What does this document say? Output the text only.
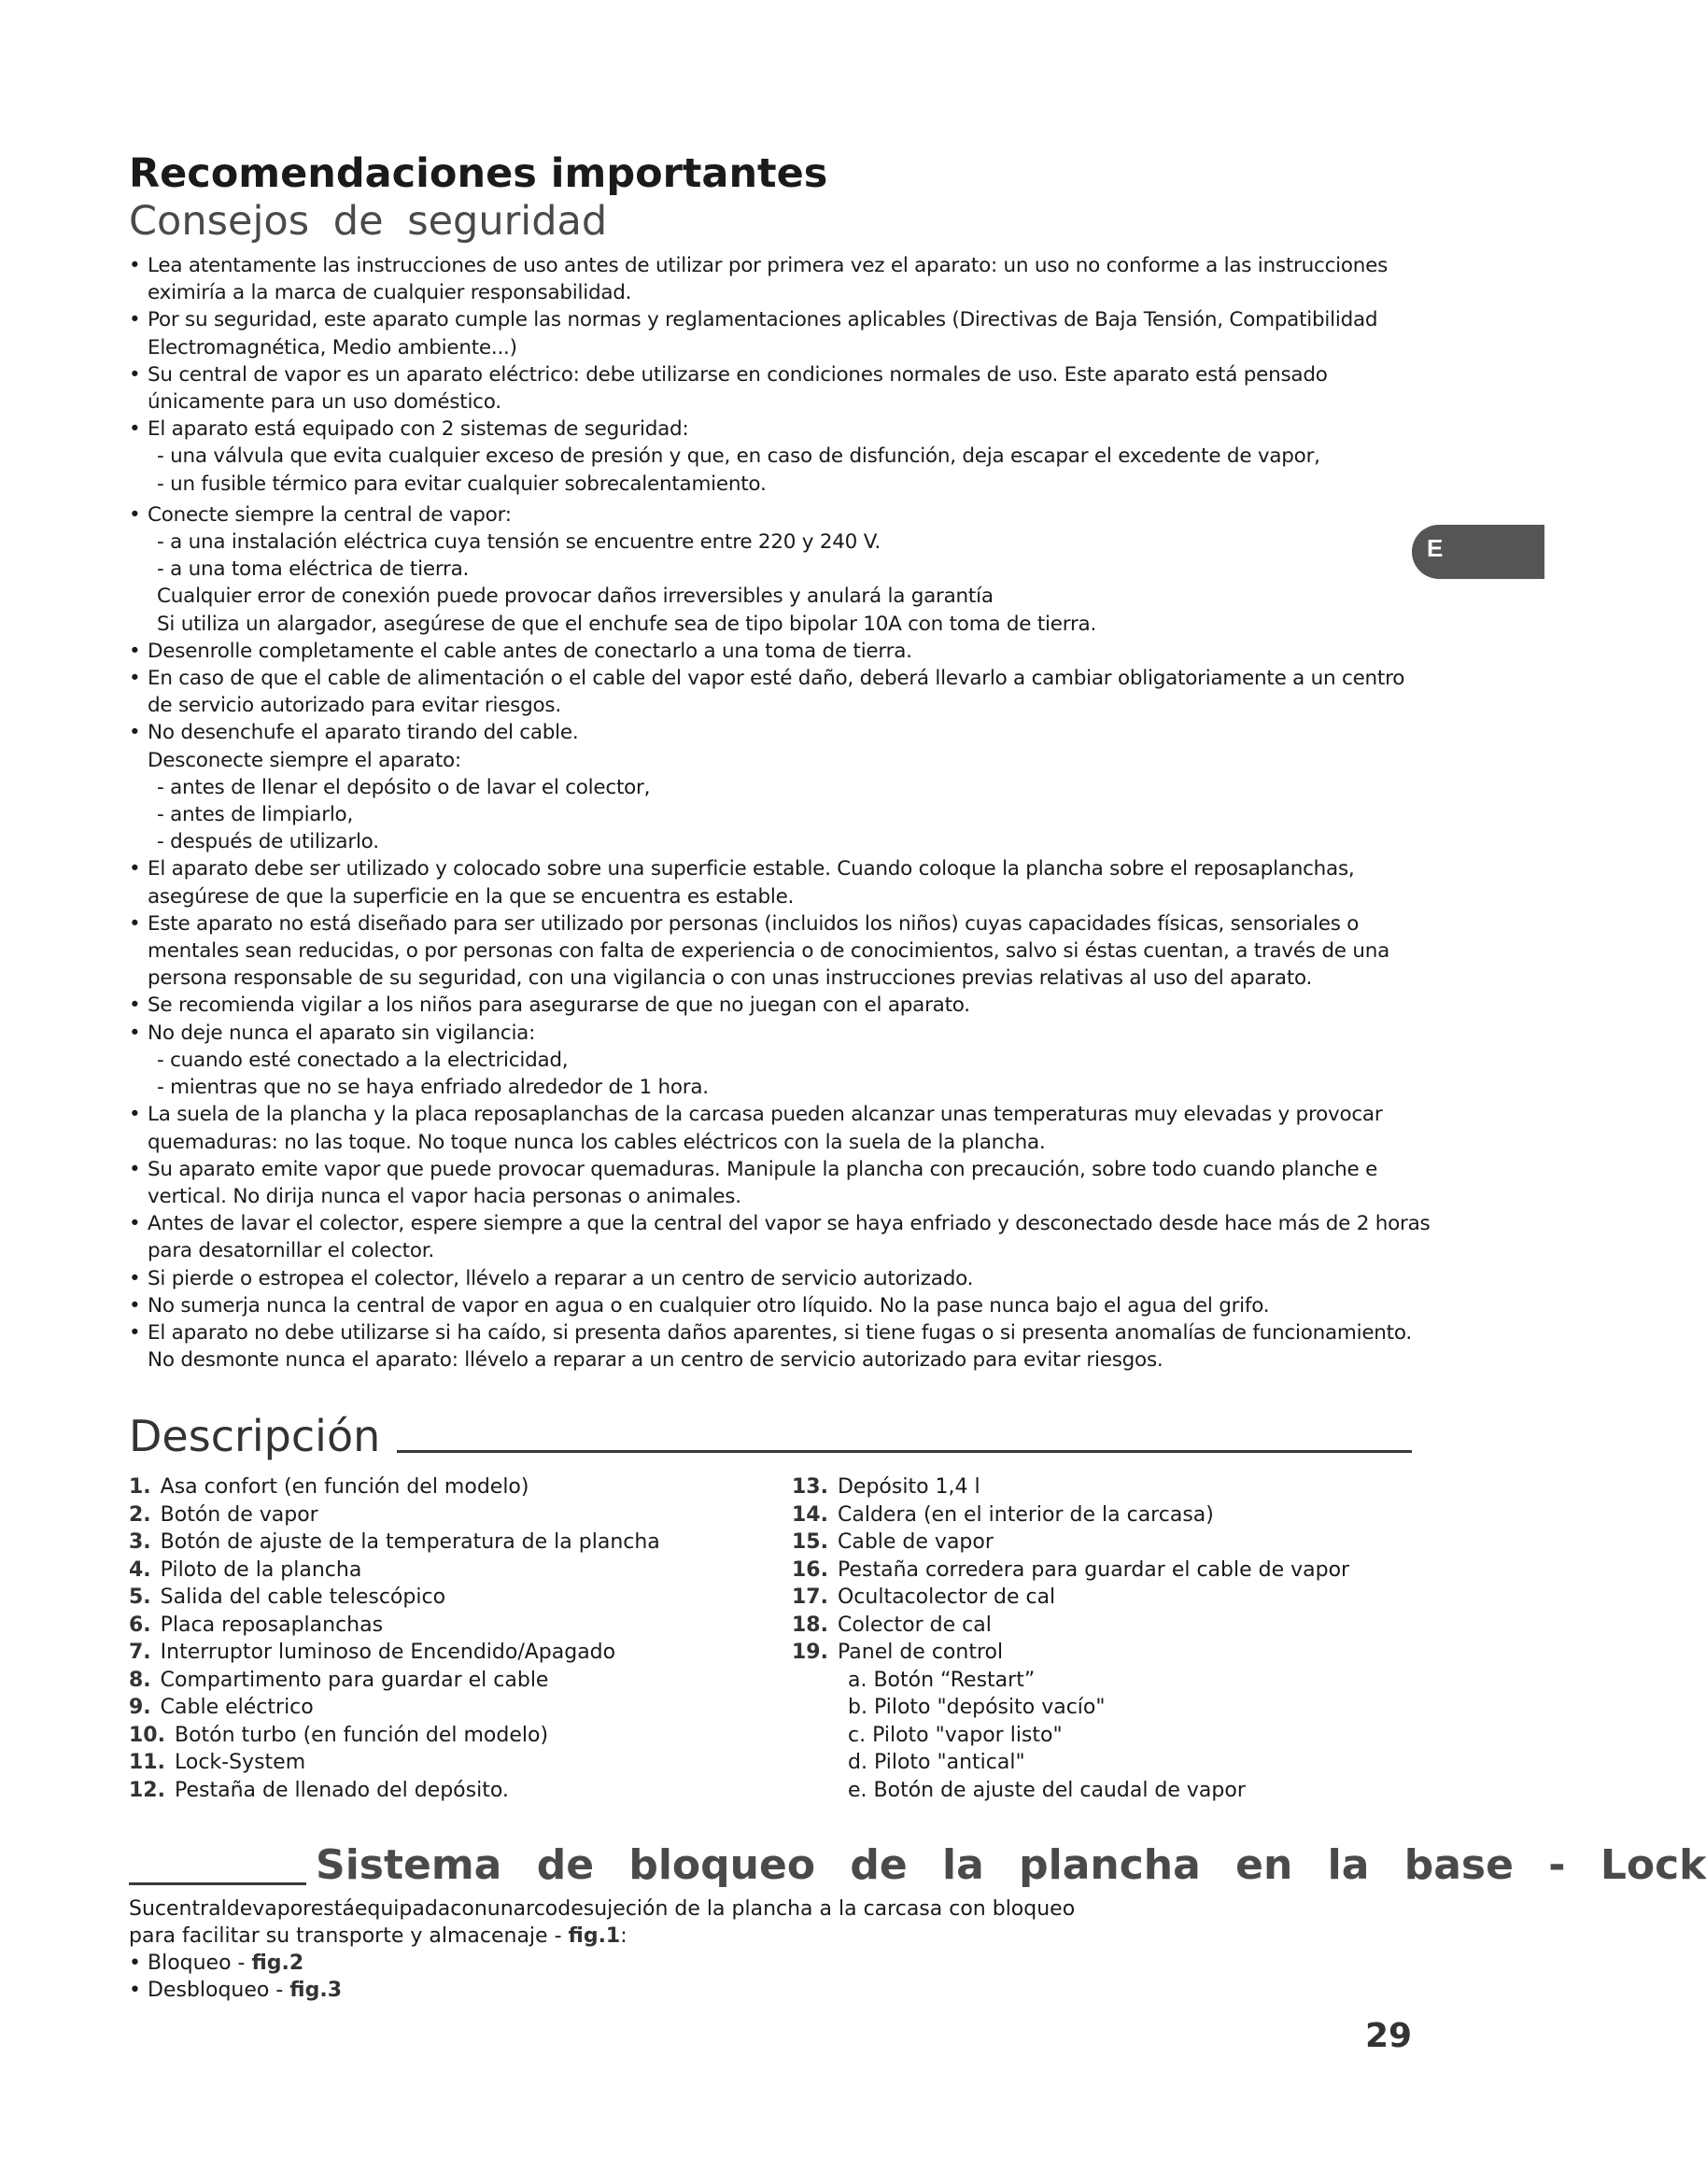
Recomendaciones importantes
Consejos de seguridad
• Lea atentamente las instrucciones de uso antes de utilizar por primera vez el aparato: un uso no conforme a las instrucciones
eximiría a la marca de cualquier responsabilidad.
• Por su seguridad, este aparato cumple las normas y reglamentaciones aplicables (Directivas de Baja Tensión, Compatibilidad
Electromagnética, Medio ambiente...)
• Su central de vapor es un aparato eléctrico: debe utilizarse en condiciones normales de uso. Este aparato está pensado
únicamente para un uso doméstico.
• El aparato está equipado con 2 sistemas de seguridad:
- una válvula que evita cualquier exceso de presión y que, en caso de disfunción, deja escapar el excedente de vapor,
- un fusible térmico para evitar cualquier sobrecalentamiento.
• Conecte siempre la central de vapor:
- a una instalación eléctrica cuya tensión se encuentre entre 220 y 240 V.
- a una toma eléctrica de tierra.
Cualquier error de conexión puede provocar daños irreversibles y anulará la garantía
Si utiliza un alargador, asegúrese de que el enchufe sea de tipo bipolar 10A con toma de tierra.
• Desenrolle completamente el cable antes de conectarlo a una toma de tierra.
• En caso de que el cable de alimentación o el cable del vapor esté daño, deberá llevarlo a cambiar obligatoriamente a un centro
de servicio autorizado para evitar riesgos.
• No desenchufe el aparato tirando del cable.
Desconecte siempre el aparato:
- antes de llenar el depósito o de lavar el colector,
- antes de limpiarlo,
- después de utilizarlo.
• El aparato debe ser utilizado y colocado sobre una superficie estable. Cuando coloque la plancha sobre el reposaplanchas,
asegúrese de que la superficie en la que se encuentra es estable.
• Este aparato no está diseñado para ser utilizado por personas (incluidos los niños) cuyas capacidades físicas, sensoriales o
mentales sean reducidas, o por personas con falta de experiencia o de conocimientos, salvo si éstas cuentan, a través de una
persona responsable de su seguridad, con una vigilancia o con unas instrucciones previas relativas al uso del aparato.
• Se recomienda vigilar a los niños para asegurarse de que no juegan con el aparato.
• No deje nunca el aparato sin vigilancia:
- cuando esté conectado a la electricidad,
- mientras que no se haya enfriado alrededor de 1 hora.
• La suela de la plancha y la placa reposaplanchas de la carcasa pueden alcanzar unas temperaturas muy elevadas y provocar
quemaduras: no las toque. No toque nunca los cables eléctricos con la suela de la plancha.
• Su aparato emite vapor que puede provocar quemaduras. Manipule la plancha con precaución, sobre todo cuando planche e
vertical. No dirija nunca el vapor hacia personas o animales.
• Antes de lavar el colector, espere siempre a que la central del vapor se haya enfriado y desconectado desde hace más de 2 horas
para desatornillar el colector.
• Si pierde o estropea el colector, llévelo a reparar a un centro de servicio autorizado.
• No sumerja nunca la central de vapor en agua o en cualquier otro líquido. No la pase nunca bajo el agua del grifo.
• El aparato no debe utilizarse si ha caído, si presenta daños aparentes, si tiene fugas o si presenta anomalías de funcionamiento.
No desmonte nunca el aparato: llévelo a reparar a un centro de servicio autorizado para evitar riesgos.
E
Descripción
1. Asa confort (en función del modelo)
2. Botón de vapor
3. Botón de ajuste de la temperatura de la plancha
4. Piloto de la plancha
5. Salida del cable telescópico
6. Placa reposaplanchas
7. Interruptor luminoso de Encendido/Apagado
8. Compartimento para guardar el cable
9. Cable eléctrico
10. Botón turbo (en función del modelo)
11. Lock-System
12. Pestaña de llenado del depósito.
13. Depósito 1,4 l
14. Caldera (en el interior de la carcasa)
15. Cable de vapor
16. Pestaña corredera para guardar el cable de vapor
17. Ocultacolector de cal
18. Colector de cal
19. Panel de control
a. Botón “Restart”
b. Piloto "depósito vacío"
c. Piloto "vapor listo"
d. Piloto "antical"
e. Botón de ajuste del caudal de vapor
Sistema de bloqueo de la plancha en la base - Lock
Sucentraldevaporestáequipadaconunarcodesujeción de la plancha a la carcasa con bloqueo
para facilitar su transporte y almacenaje - fig.1:
• Bloqueo - fig.2
• Desbloqueo - fig.3
29
